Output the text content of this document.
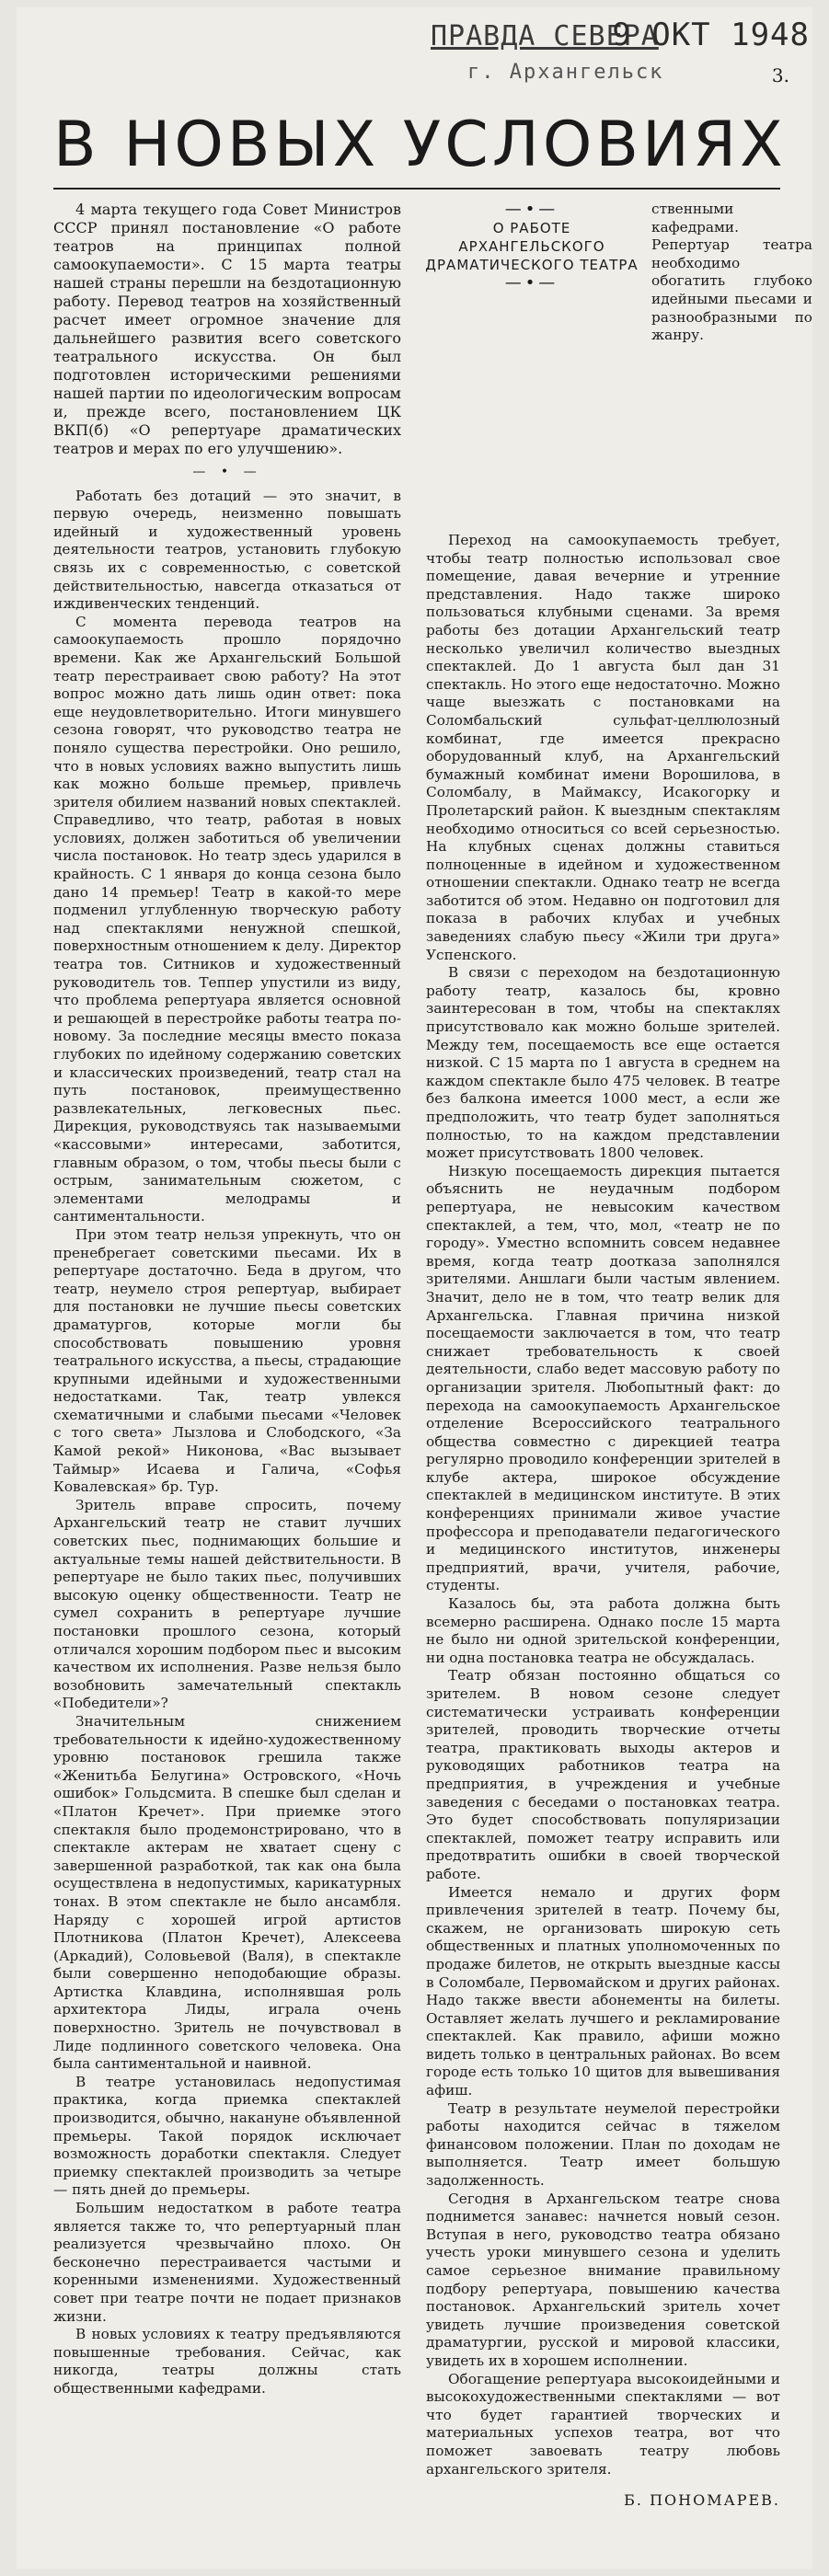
ПРАВДА СЕВЕРА
9 ОКТ 1948
г. Архангельск	3.
В НОВЫХ УСЛОВИЯХ

4 марта текущего года Совет Министров СССР принял постановление «О работе театров на принципах полной самоокупаемости». С 15 марта театры нашей страны перешли на бездотационную работу. Перевод театров на хозяйственный расчет имеет огромное значение для дальнейшего развития всего советского театрального искусства. Он был подготовлен историческими решениями нашей партии по идеологическим вопросам и, прежде всего, постановлением ЦК ВКП(б) «О репертуаре драматических театров и мерах по его улучшению».

— • —

Работать без дотаций — это значит, в первую очередь, неизменно повышать идейный и художественный уровень деятельности театров, установить глубокую связь их с современностью, с советской действительностью, навсегда отказаться от иждивенческих тенденций.

С момента перевода театров на самоокупаемость прошло порядочно времени. Как же Архангельский Большой театр перестраивает свою работу? На этот вопрос можно дать лишь один ответ: пока еще неудовлетворительно. Итоги минувшего сезона говорят, что руководство театра не поняло существа перестройки. Оно решило, что в новых условиях важно выпустить лишь как можно больше премьер, привлечь зрителя обилием названий новых спектаклей. Справедливо, что театр, работая в новых условиях, должен заботиться об увеличении числа постановок. Но театр здесь ударился в крайность. С 1 января до конца сезона было дано 14 премьер! Театр в какой-то мере подменил углубленную творческую работу над спектаклями ненужной спешкой, поверхностным отношением к делу. Директор театра тов. Ситников и художественный руководитель тов. Теппер упустили из виду, что проблема репертуара является основной и решающей в перестройке работы театра по-новому. За последние месяцы вместо показа глубоких по идейному содержанию советских и классических произведений, театр стал на путь постановок, преимущественно развлекательных, легковесных пьес. Дирекция, руководствуясь так называемыми «кассовыми» интересами, заботится, главным образом, о том, чтобы пьесы были с острым, занимательным сюжетом, с элементами мелодрамы и сантиментальности.

При этом театр нельзя упрекнуть, что он пренебрегает советскими пьесами. Их в репертуаре достаточно. Беда в другом, что театр, неумело строя репертуар, выбирает для постановки не лучшие пьесы советских драматургов, которые могли бы способствовать повышению уровня театрального искусства, а пьесы, страдающие крупными идейными и художественными недостатками. Так, театр увлекся схематичными и слабыми пьесами «Человек с того света» Лызлова и Слободского, «За Камой рекой» Никонова, «Вас вызывает Таймыр» Исаева и Галича, «Софья Ковалевская» бр. Тур.

Зритель вправе спросить, почему Архангельский театр не ставит лучших советских пьес, поднимающих большие и актуальные темы нашей действительности. В репертуаре не было таких пьес, получивших высокую оценку общественности. Театр не сумел сохранить в репертуаре лучшие постановки прошлого сезона, который отличался хорошим подбором пьес и высоким качеством их исполнения. Разве нельзя было возобновить замечательный спектакль «Победители»?

Значительным снижением требовательности к идейно-художественному уровню постановок грешила также «Женитьба Белугина» Островского, «Ночь ошибок» Гольдсмита. В спешке был сделан и «Платон Кречет». При приемке этого спектакля было продемонстрировано, что в спектакле актерам не хватает сцену с завершенной разработкой, так как она была осуществлена в недопустимых, карикатурных тонах. В этом спектакле не было ансамбля. Наряду с хорошей игрой артистов Плотникова (Платон Кречет), Алексеева (Аркадий), Соловьевой (Валя), в спектакле были совершенно неподобающие образы. Артистка Клавдина, исполнявшая роль архитектора Лиды, играла очень поверхностно. Зритель не почувствовал в Лиде подлинного советского человека. Она была сантиментальной и наивной.

В театре установилась недопустимая практика, когда приемка спектаклей производится, обычно, накануне объявленной премьеры. Такой порядок исключает возможность доработки спектакля. Следует приемку спектаклей производить за четыре — пять дней до премьеры.

Большим недостатком в работе театра является также то, что репертуарный план реализуется чрезвычайно плохо. Он бесконечно перестраивается частыми и коренными изменениями. Художественный совет при театре почти не подает признаков жизни.

В новых условиях к театру предъявляются повышенные требования. Сейчас, как никогда, театры должны стать общественными кафедрами.

—•—
О РАБОТЕ АРХАНГЕЛЬСКОГО ДРАМАТИЧЕСКОГО ТЕАТРА
—•—
ственными кафедрами. Репертуар театра необходимо обогатить глубоко идейными пьесами и разнообразными по жанру.

Переход на самоокупаемость требует, чтобы театр полностью использовал свое помещение, давая вечерние и утренние представления. Надо также широко пользоваться клубными сценами. За время работы без дотации Архангельский театр несколько увеличил количество выездных спектаклей. До 1 августа был дан 31 спектакль. Но этого еще недостаточно. Можно чаще выезжать с постановками на Соломбальский сульфат-целлюлозный комбинат, где имеется прекрасно оборудованный клуб, на Архангельский бумажный комбинат имени Ворошилова, в Соломбалу, в Маймаксу, Исакогорку и Пролетарский район. К выездным спектаклям необходимо относиться со всей серьезностью. На клубных сценах должны ставиться полноценные в идейном и художественном отношении спектакли. Однако театр не всегда заботится об этом. Недавно он подготовил для показа в рабочих клубах и учебных заведениях слабую пьесу «Жили три друга» Успенского.

В связи с переходом на бездотационную работу театр, казалось бы, кровно заинтересован в том, чтобы на спектаклях присутствовало как можно больше зрителей. Между тем, посещаемость все еще остается низкой. С 15 марта по 1 августа в среднем на каждом спектакле было 475 человек. В театре без балкона имеется 1000 мест, а если же предположить, что театр будет заполняться полностью, то на каждом представлении может присутствовать 1800 человек.

Низкую посещаемость дирекция пытается объяснить не неудачным подбором репертуара, не невысоким качеством спектаклей, а тем, что, мол, «театр не по городу». Уместно вспомнить совсем недавнее время, когда театр доотказа заполнялся зрителями. Аншлаги были частым явлением. Значит, дело не в том, что театр велик для Архангельска. Главная причина низкой посещаемости заключается в том, что театр снижает требовательность к своей деятельности, слабо ведет массовую работу по организации зрителя. Любопытный факт: до перехода на самоокупаемость Архангельское отделение Всероссийского театрального общества совместно с дирекцией театра регулярно проводило конференции зрителей в клубе актера, широкое обсуждение спектаклей в медицинском институте. В этих конференциях принимали живое участие профессора и преподаватели педагогического и медицинского институтов, инженеры предприятий, врачи, учителя, рабочие, студенты.

Казалось бы, эта работа должна быть всемерно расширена. Однако после 15 марта не было ни одной зрительской конференции, ни одна постановка театра не обсуждалась.

Театр обязан постоянно общаться со зрителем. В новом сезоне следует систематически устраивать конференции зрителей, проводить творческие отчеты театра, практиковать выходы актеров и руководящих работников театра на предприятия, в учреждения и учебные заведения с беседами о постановках театра. Это будет способствовать популяризации спектаклей, поможет театру исправить или предотвратить ошибки в своей творческой работе.

Имеется немало и других форм привлечения зрителей в театр. Почему бы, скажем, не организовать широкую сеть общественных и платных уполномоченных по продаже билетов, не открыть выездные кассы в Соломбале, Первомайском и других районах. Надо также ввести абонементы на билеты. Оставляет желать лучшего и рекламирование спектаклей. Как правило, афиши можно видеть только в центральных районах. Во всем городе есть только 10 щитов для вывешивания афиш.

Театр в результате неумелой перестройки работы находится сейчас в тяжелом финансовом положении. План по доходам не выполняется. Театр имеет большую задолженность.

Сегодня в Архангельском театре снова поднимется занавес: начнется новый сезон. Вступая в него, руководство театра обязано учесть уроки минувшего сезона и уделить самое серьезное внимание правильному подбору репертуара, повышению качества постановок. Архангельский зритель хочет увидеть лучшие произведения советской драматургии, русской и мировой классики, увидеть их в хорошем исполнении.

Обогащение репертуара высокоидейными и высокохудожественными спектаклями — вот что будет гарантией творческих и материальных успехов театра, вот что поможет завоевать театру любовь архангельского зрителя.

Б. ПОНОМАРЕВ.
